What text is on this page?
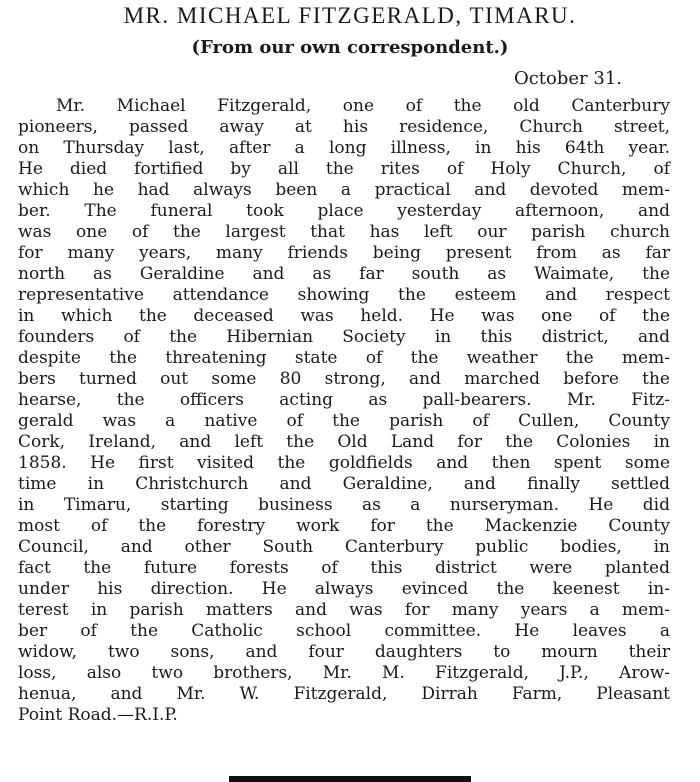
MR. MICHAEL FITZGERALD, TIMARU.
(From our own correspondent.)
October 31.
Mr. Michael Fitzgerald, one of the old Canterbury
pioneers, passed away at his residence, Church street,
on Thursday last, after a long illness, in his 64th year.
He died fortified by all the rites of Holy Church, of
which he had always been a practical and devoted mem-
ber. The funeral took place yesterday afternoon, and
was one of the largest that has left our parish church
for many years, many friends being present from as far
north as Geraldine and as far south as Waimate, the
representative attendance showing the esteem and respect
in which the deceased was held. He was one of the
founders of the Hibernian Society in this district, and
despite the threatening state of the weather the mem-
bers turned out some 80 strong, and marched before the
hearse, the officers acting as pall-bearers. Mr. Fitz-
gerald was a native of the parish of Cullen, County
Cork, Ireland, and left the Old Land for the Colonies in
1858. He first visited the goldfields and then spent some
time in Christchurch and Geraldine, and finally settled
in Timaru, starting business as a nurseryman. He did
most of the forestry work for the Mackenzie County
Council, and other South Canterbury public bodies, in
fact the future forests of this district were planted
under his direction. He always evinced the keenest in-
terest in parish matters and was for many years a mem-
ber of the Catholic school committee. He leaves a
widow, two sons, and four daughters to mourn their
loss, also two brothers, Mr. M. Fitzgerald, J.P., Arow-
henua, and Mr. W. Fitzgerald, Dirrah Farm, Pleasant
Point Road.—R.I.P.
